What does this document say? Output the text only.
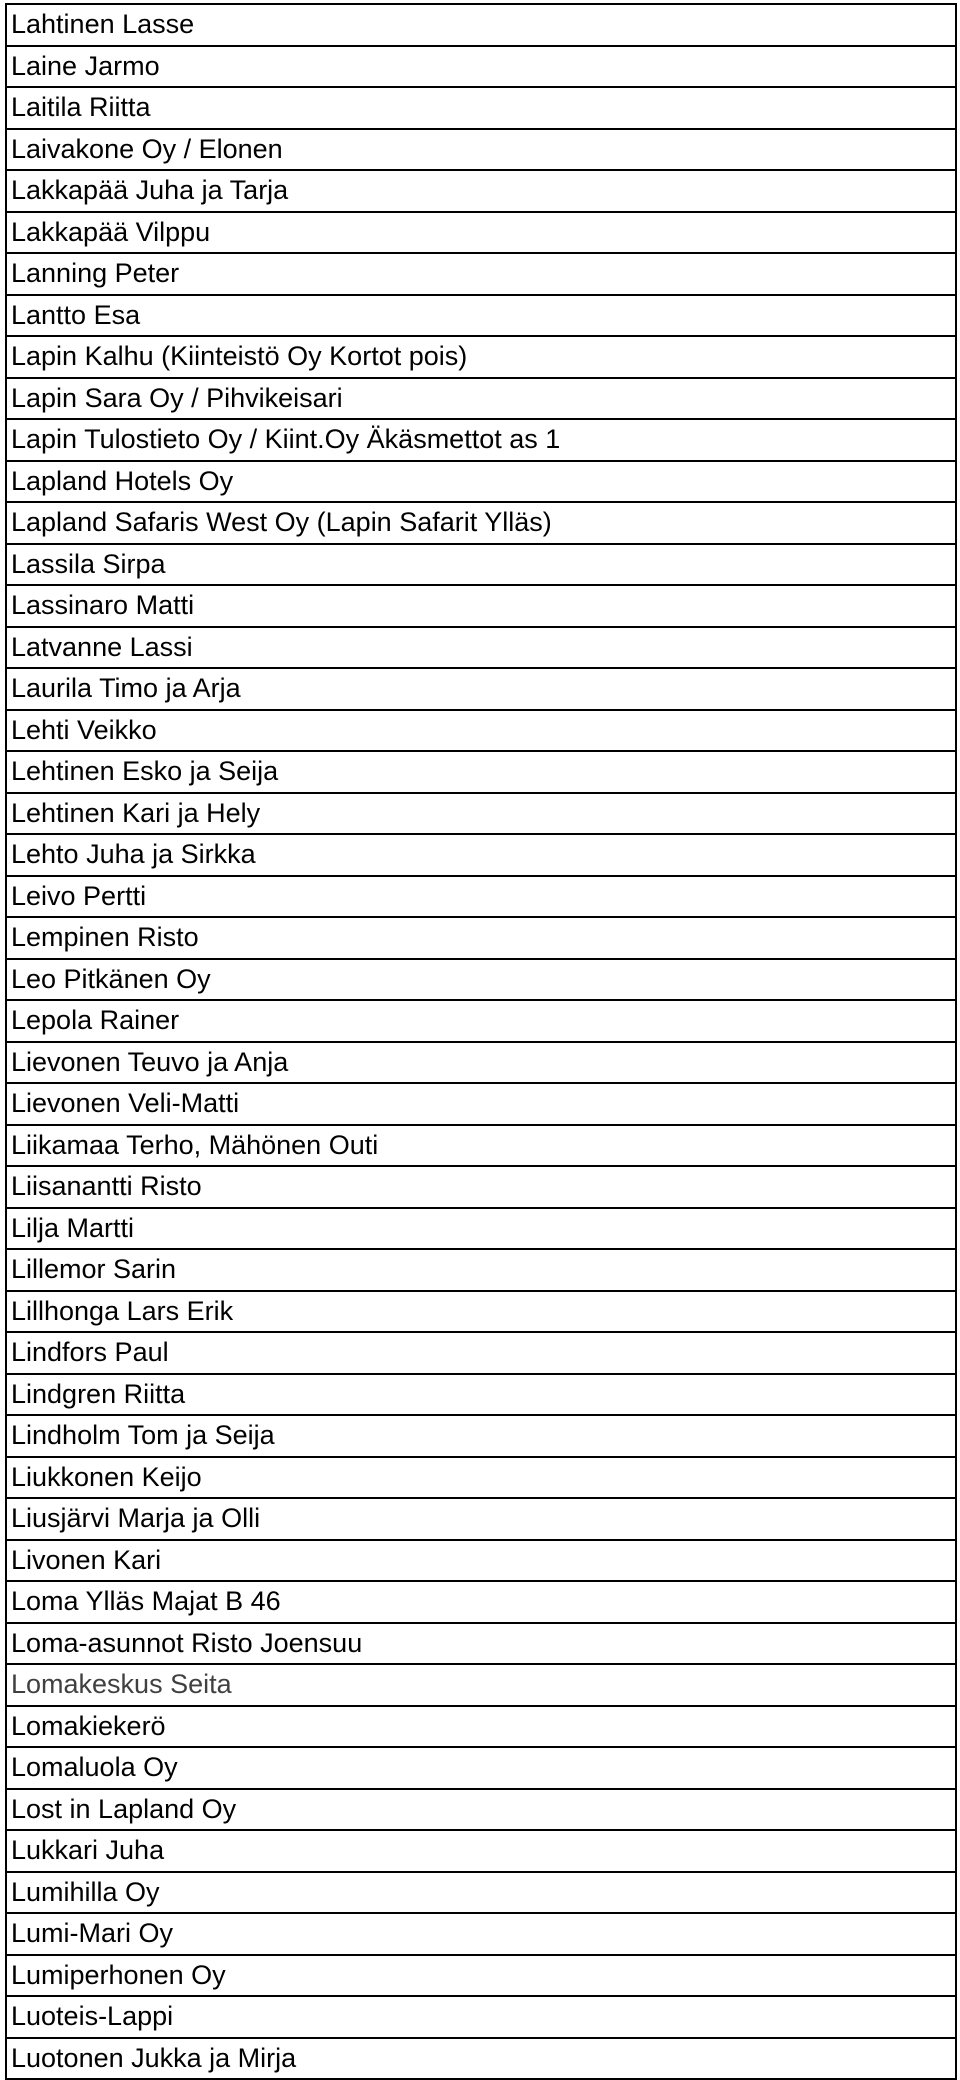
Lahtinen Lasse
Laine Jarmo
Laitila Riitta
Laivakone Oy / Elonen
Lakkapää Juha ja Tarja
Lakkapää Vilppu
Lanning Peter
Lantto Esa
Lapin Kalhu (Kiinteistö Oy Kortot pois)
Lapin Sara Oy / Pihvikeisari
Lapin Tulostieto Oy / Kiint.Oy Äkäsmettot as 1
Lapland Hotels Oy
Lapland Safaris West Oy (Lapin Safarit Ylläs)
Lassila Sirpa
Lassinaro Matti
Latvanne Lassi
Laurila Timo ja Arja
Lehti Veikko
Lehtinen Esko ja Seija
Lehtinen Kari ja Hely
Lehto Juha ja Sirkka
Leivo Pertti
Lempinen Risto
Leo Pitkänen Oy
Lepola Rainer
Lievonen Teuvo ja Anja
Lievonen Veli-Matti
Liikamaa Terho, Mähönen Outi
Liisanantti Risto
Lilja Martti
Lillemor Sarin
Lillhonga Lars Erik
Lindfors Paul
Lindgren Riitta
Lindholm Tom ja Seija
Liukkonen Keijo
Liusjärvi Marja ja Olli
Livonen Kari
Loma Ylläs Majat B 46
Loma-asunnot Risto Joensuu
Lomakeskus Seita
Lomakiekerö
Lomaluola Oy
Lost in Lapland Oy
Lukkari Juha
Lumihilla Oy
Lumi-Mari Oy
Lumiperhonen Oy
Luoteis-Lappi
Luotonen Jukka ja Mirja
